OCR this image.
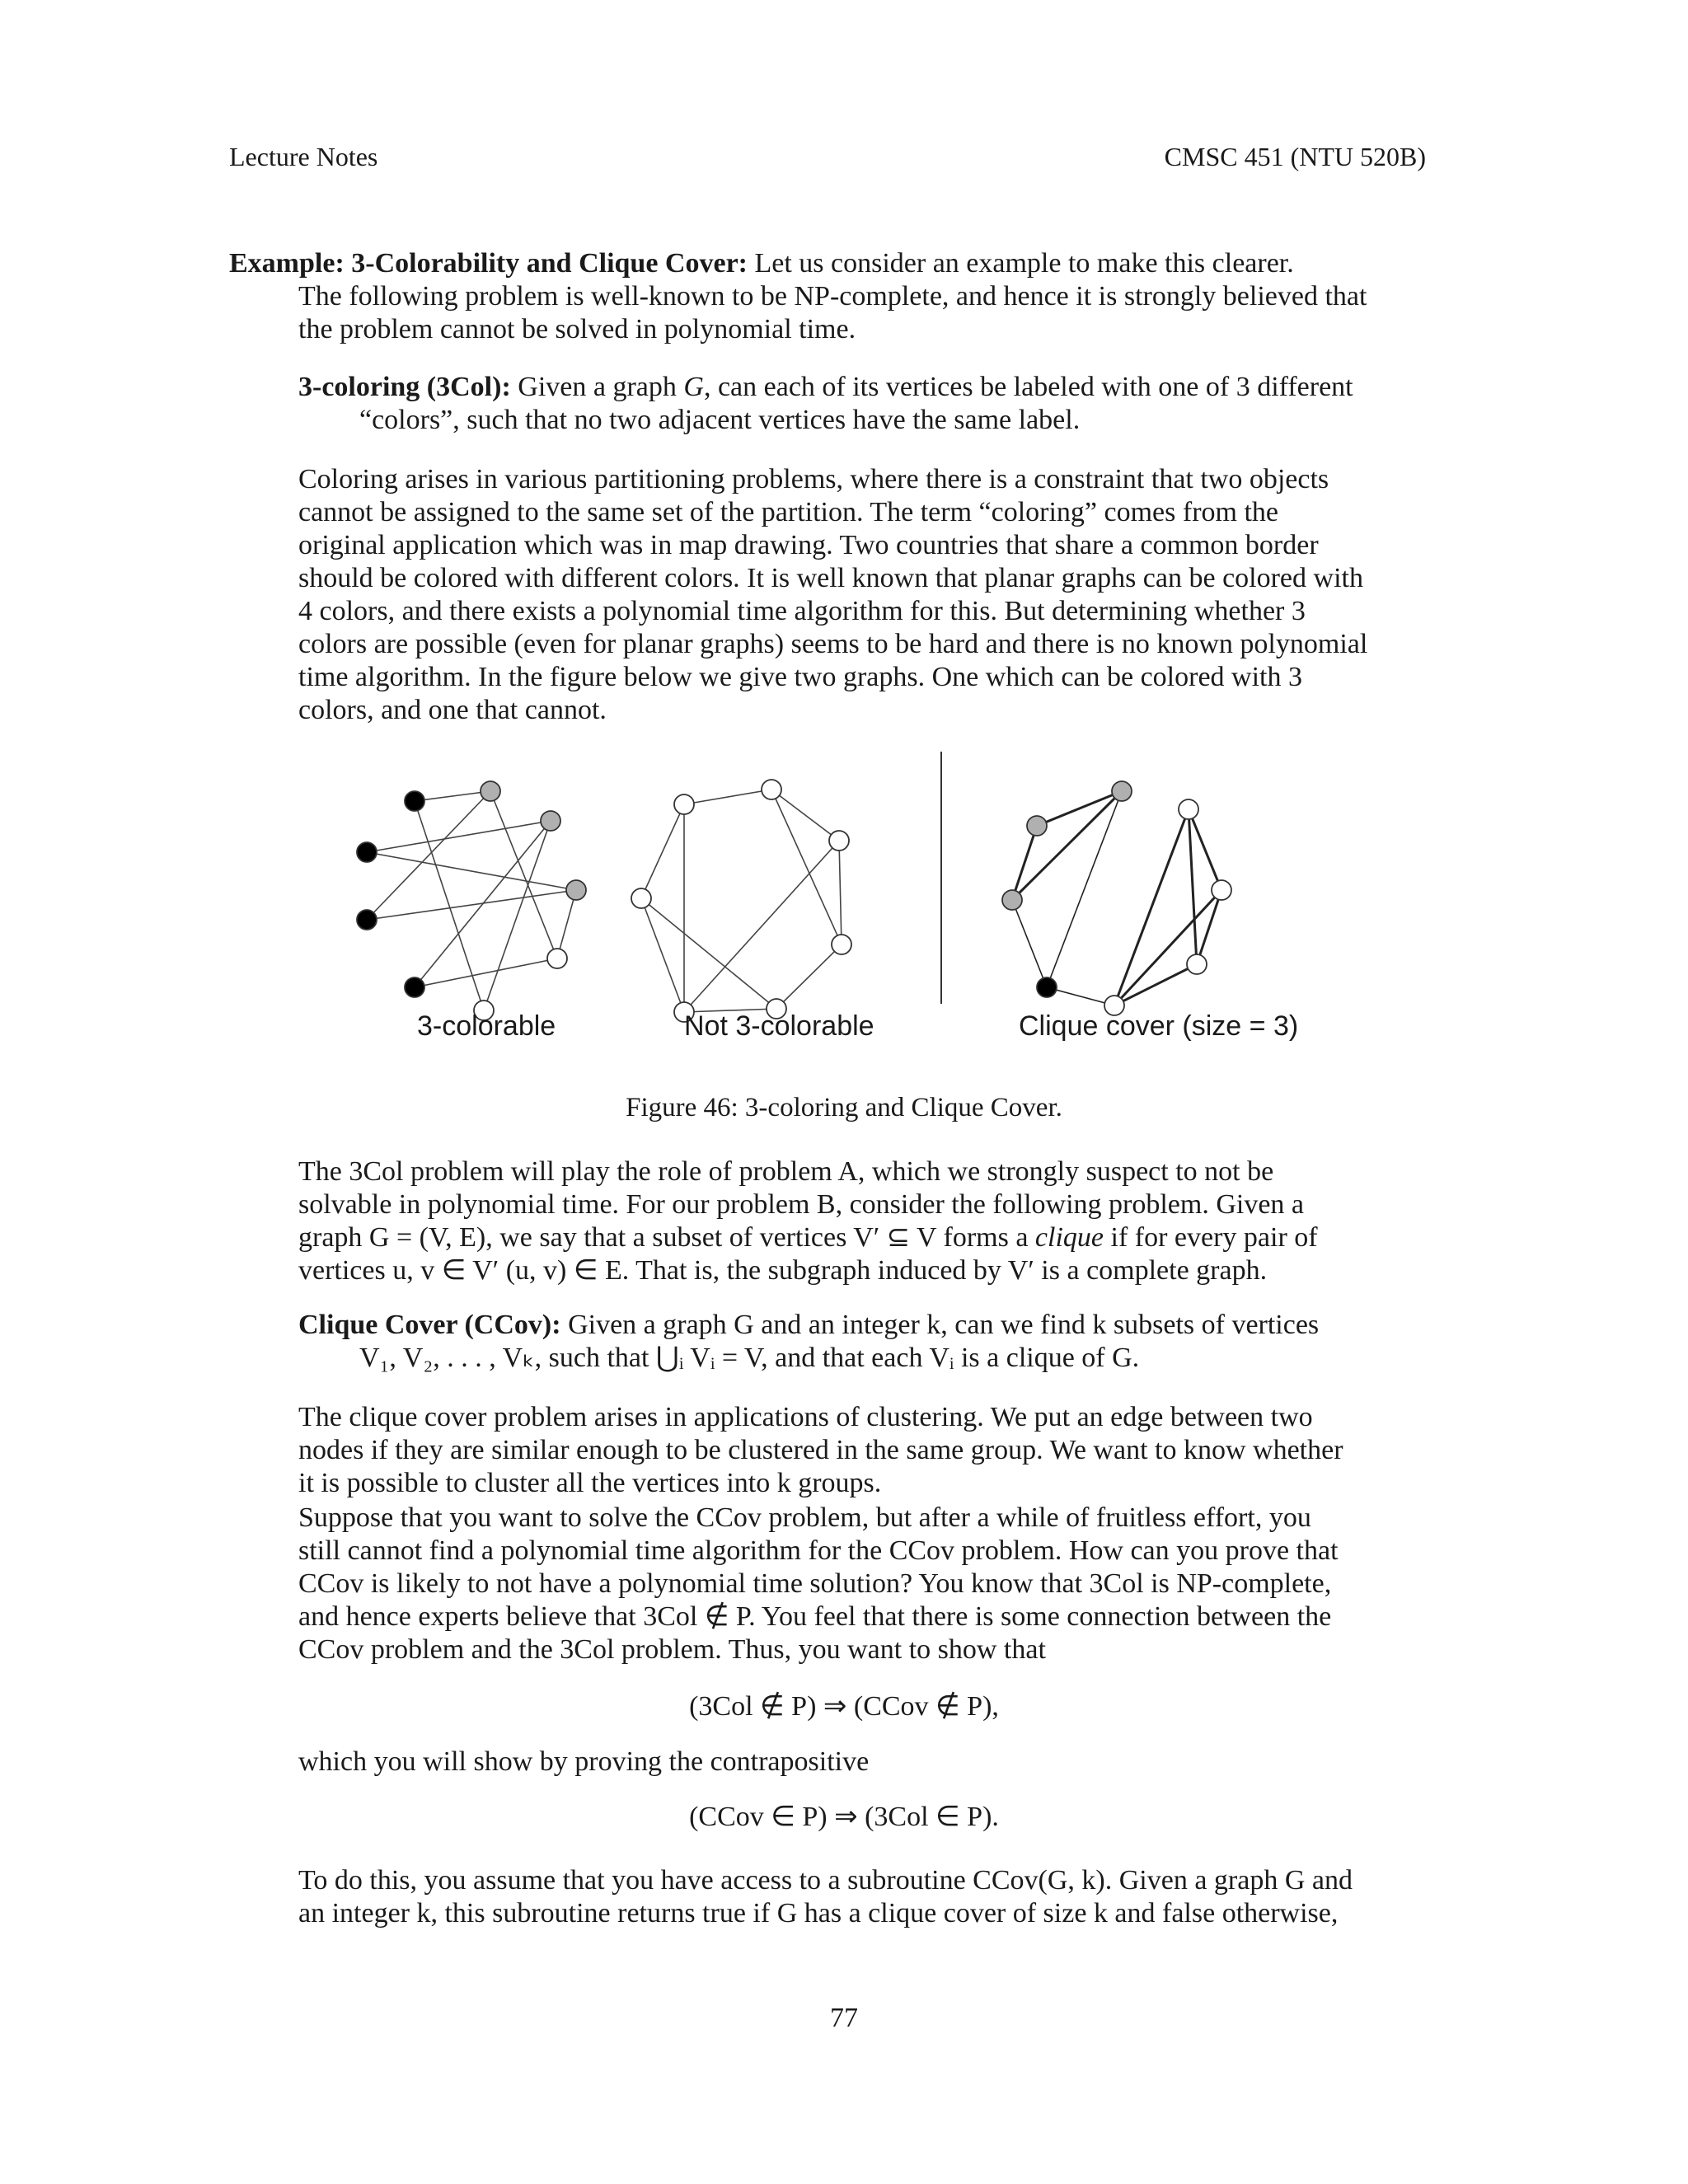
Lecture Notes	CMSC 451 (NTU 520B)
Example: 3-Colorability and Clique Cover: Let us consider an example to make this clearer.
The following problem is well-known to be NP-complete, and hence it is strongly believed that
the problem cannot be solved in polynomial time.
3-coloring (3Col): Given a graph G, can each of its vertices be labeled with one of 3 different
“colors”, such that no two adjacent vertices have the same label.
Coloring arises in various partitioning problems, where there is a constraint that two objects
cannot be assigned to the same set of the partition. The term “coloring” comes from the
original application which was in map drawing. Two countries that share a common border
should be colored with different colors. It is well known that planar graphs can be colored with
4 colors, and there exists a polynomial time algorithm for this. But determining whether 3
colors are possible (even for planar graphs) seems to be hard and there is no known polynomial
time algorithm. In the figure below we give two graphs. One which can be colored with 3
colors, and one that cannot.
3-colorable	Not 3-colorable	Clique cover (size = 3)
Figure 46: 3-coloring and Clique Cover.
The 3Col problem will play the role of problem A, which we strongly suspect to not be
solvable in polynomial time. For our problem B, consider the following problem. Given a
graph G = (V, E), we say that a subset of vertices V′ ⊆ V forms a clique if for every pair of
vertices u, v ∈ V′ (u, v) ∈ E. That is, the subgraph induced by V′ is a complete graph.
Clique Cover (CCov): Given a graph G and an integer k, can we find k subsets of vertices
V₁, V₂, . . . , Vₖ, such that ⋃ᵢ Vᵢ = V, and that each Vᵢ is a clique of G.
The clique cover problem arises in applications of clustering. We put an edge between two
nodes if they are similar enough to be clustered in the same group. We want to know whether
it is possible to cluster all the vertices into k groups.
Suppose that you want to solve the CCov problem, but after a while of fruitless effort, you
still cannot find a polynomial time algorithm for the CCov problem. How can you prove that
CCov is likely to not have a polynomial time solution? You know that 3Col is NP-complete,
and hence experts believe that 3Col ∉ P. You feel that there is some connection between the
CCov problem and the 3Col problem. Thus, you want to show that
(3Col ∉ P) ⇒ (CCov ∉ P),
which you will show by proving the contrapositive
(CCov ∈ P) ⇒ (3Col ∈ P).
To do this, you assume that you have access to a subroutine CCov(G, k). Given a graph G and
an integer k, this subroutine returns true if G has a clique cover of size k and false otherwise,
77
